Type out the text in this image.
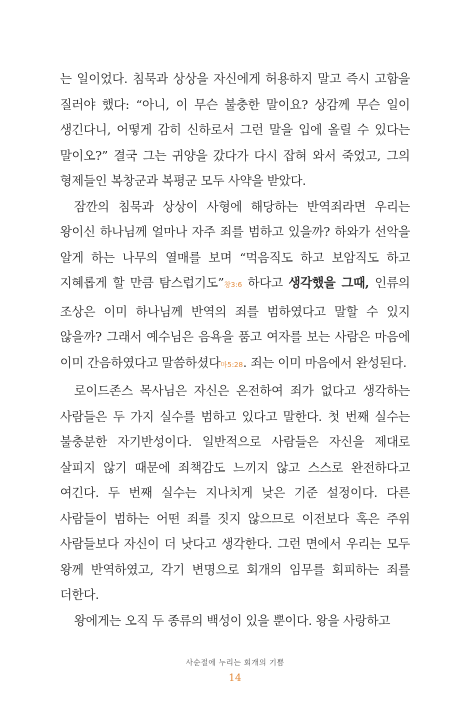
는 일이었다. 침묵과 상상을 자신에게 허용하지 말고 즉시 고함을 질러야 했다: “아니, 이 무슨 불충한 말이요? 상감께 무슨 일이 생긴다니, 어떻게 감히 신하로서 그런 말을 입에 올릴 수 있다는 말이오?” 결국 그는 귀양을 갔다가 다시 잡혀 와서 죽었고, 그의 형제들인 복창군과 복평군 모두 사약을 받았다.

잠깐의 침묵과 상상이 사형에 해당하는 반역죄라면 우리는 왕이신 하나님께 얼마나 자주 죄를 범하고 있을까? 하와가 선악을 알게 하는 나무의 열매를 보며 “먹음직도 하고 보암직도 하고 지혜롭게 할 만큼 탐스럽기도”창3:6 하다고 생각했을 그때, 인류의 조상은 이미 하나님께 반역의 죄를 범하였다고 말할 수 있지 않을까? 그래서 예수님은 음욕을 품고 여자를 보는 사람은 마음에 이미 간음하였다고 말씀하셨다마5:28. 죄는 이미 마음에서 완성된다.

로이드존스 목사님은 자신은 온전하여 죄가 없다고 생각하는 사람들은 두 가지 실수를 범하고 있다고 말한다. 첫 번째 실수는 불충분한 자기반성이다. 일반적으로 사람들은 자신을 제대로 살피지 않기 때문에 죄책감도 느끼지 않고 스스로 완전하다고 여긴다. 두 번째 실수는 지나치게 낮은 기준 설정이다. 다른 사람들이 범하는 어떤 죄를 짓지 않으므로 이전보다 혹은 주위 사람들보다 자신이 더 낫다고 생각한다. 그런 면에서 우리는 모두 왕께 반역하였고, 각기 변명으로 회개의 임무를 회피하는 죄를 더한다.

왕에게는 오직 두 종류의 백성이 있을 뿐이다. 왕을 사랑하고

사순절에 누리는 회개의 기쁨
14
